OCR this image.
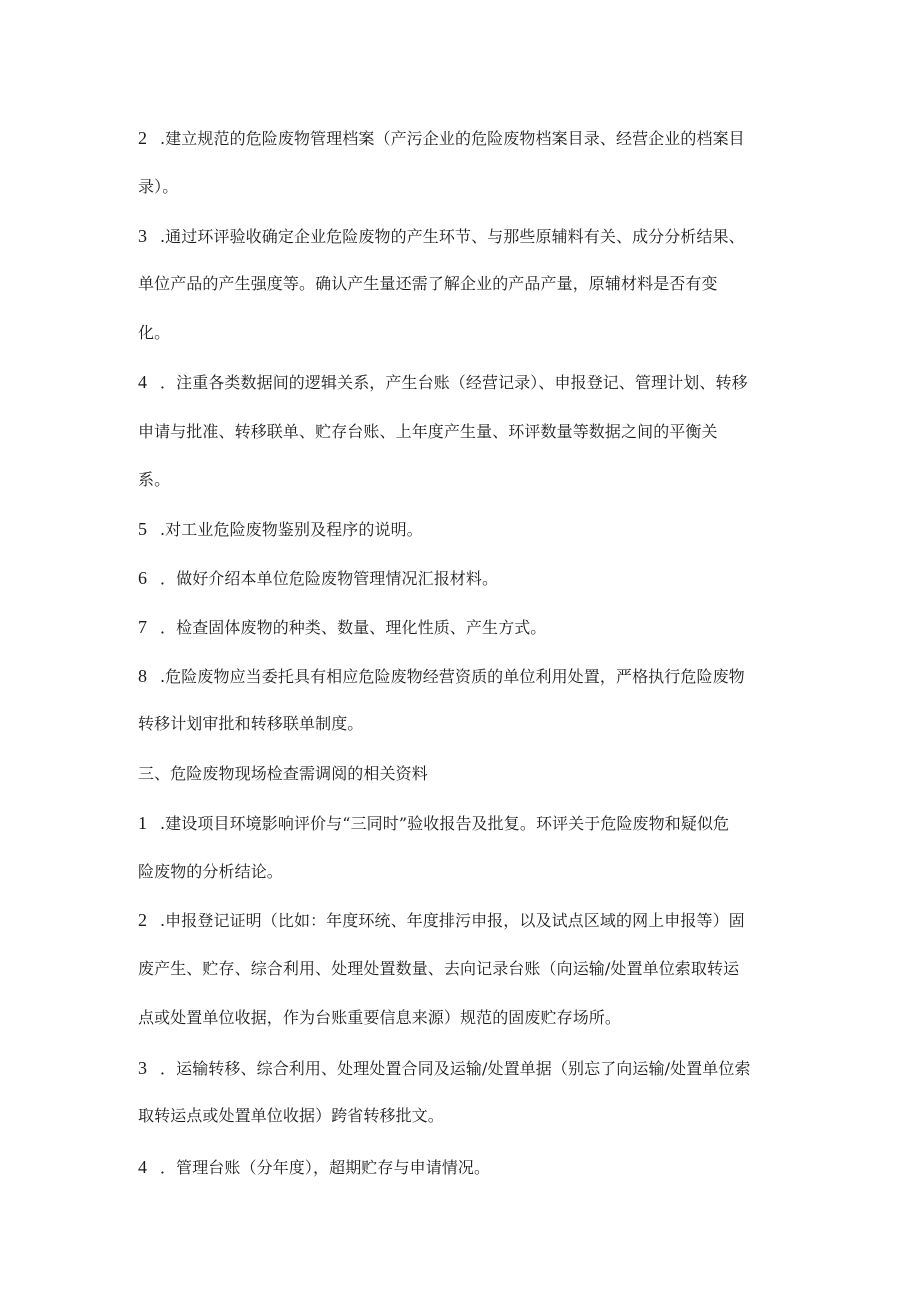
2 .建立规范的危险废物管理档案（产污企业的危险废物档案目录、经营企业的档案目
录）。
3 .通过环评验收确定企业危险废物的产生环节、与那些原辅料有关、成分分析结果、
单位产品的产生强度等。确认产生量还需了解企业的产品产量，原辅材料是否有变
化。
4 ．注重各类数据间的逻辑关系，产生台账（经营记录）、申报登记、管理计划、转移
申请与批准、转移联单、贮存台账、上年度产生量、环评数量等数据之间的平衡关
系。
5 .对工业危险废物鉴别及程序的说明。
6 ．做好介绍本单位危险废物管理情况汇报材料。
7 ．检查固体废物的种类、数量、理化性质、产生方式。
8 .危险废物应当委托具有相应危险废物经营资质的单位利用处置，严格执行危险废物
转移计划审批和转移联单制度。
三、危险废物现场检查需调阅的相关资料
1 .建设项目环境影响评价与“三同时”验收报告及批复。环评关于危险废物和疑似危
险废物的分析结论。
2 .申报登记证明（比如：年度环统、年度排污申报，以及试点区域的网上申报等）固
废产生、贮存、综合利用、处理处置数量、去向记录台账（向运输/处置单位索取转运
点或处置单位收据，作为台账重要信息来源）规范的固废贮存场所。
3 ．运输转移、综合利用、处理处置合同及运输/处置单据（别忘了向运输/处置单位索
取转运点或处置单位收据）跨省转移批文。
4 ．管理台账（分年度），超期贮存与申请情况。
